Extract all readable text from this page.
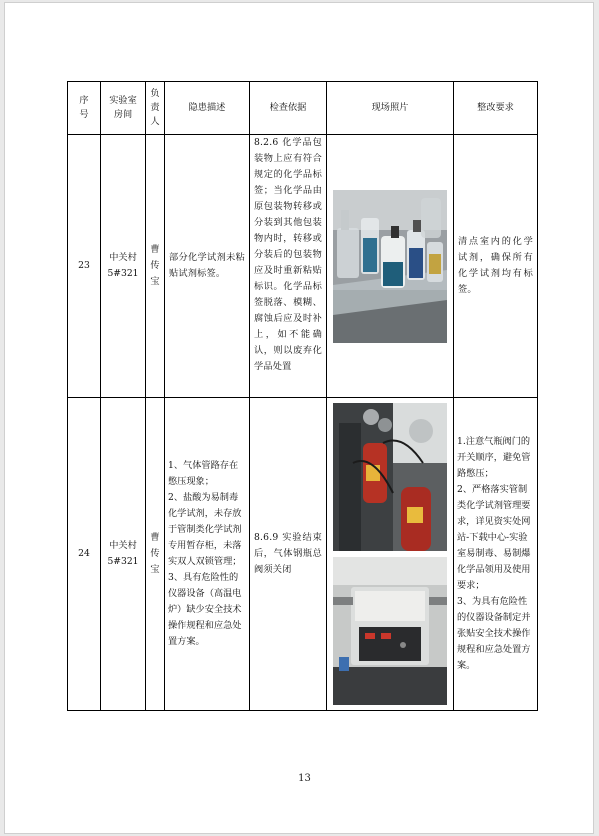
序号	实验室房间	负责人	隐患描述	检查依据	现场照片	整改要求
23	中关村5#321	曹传宝	部分化学试剂未粘贴试剂标签。	8.2.6 化学品包装物上应有符合规定的化学品标签；当化学品由原包装物转移或分装到其他包装物内时，转移或分装后的包装物应及时重新粘贴标识。化学品标签脱落、模糊、腐蚀后应及时补上，如不能确认，则以废弃化学品处置		清点室内的化学试剂，确保所有化学试剂均有标签。
24	中关村5#321	曹传宝	1、气体管路存在憋压现象；
2、盐酸为易制毒化学试剂，未存放于管制类化学试剂专用暂存柜，未落实双人双锁管理；
3、具有危险性的仪器设备（高温电炉）缺少安全技术操作规程和应急处置方案。	8.6.9 实验结束后，气体钢瓶总阀须关闭		1.注意气瓶阀门的开关顺序，避免管路憋压；
2、严格落实管制类化学试剂管理要求，详见资实处网站-下载中心-实验室易制毒、易制爆化学品领用及使用要求；
3、为具有危险性的仪器设备制定并张贴安全技术操作规程和应急处置方案。
13
